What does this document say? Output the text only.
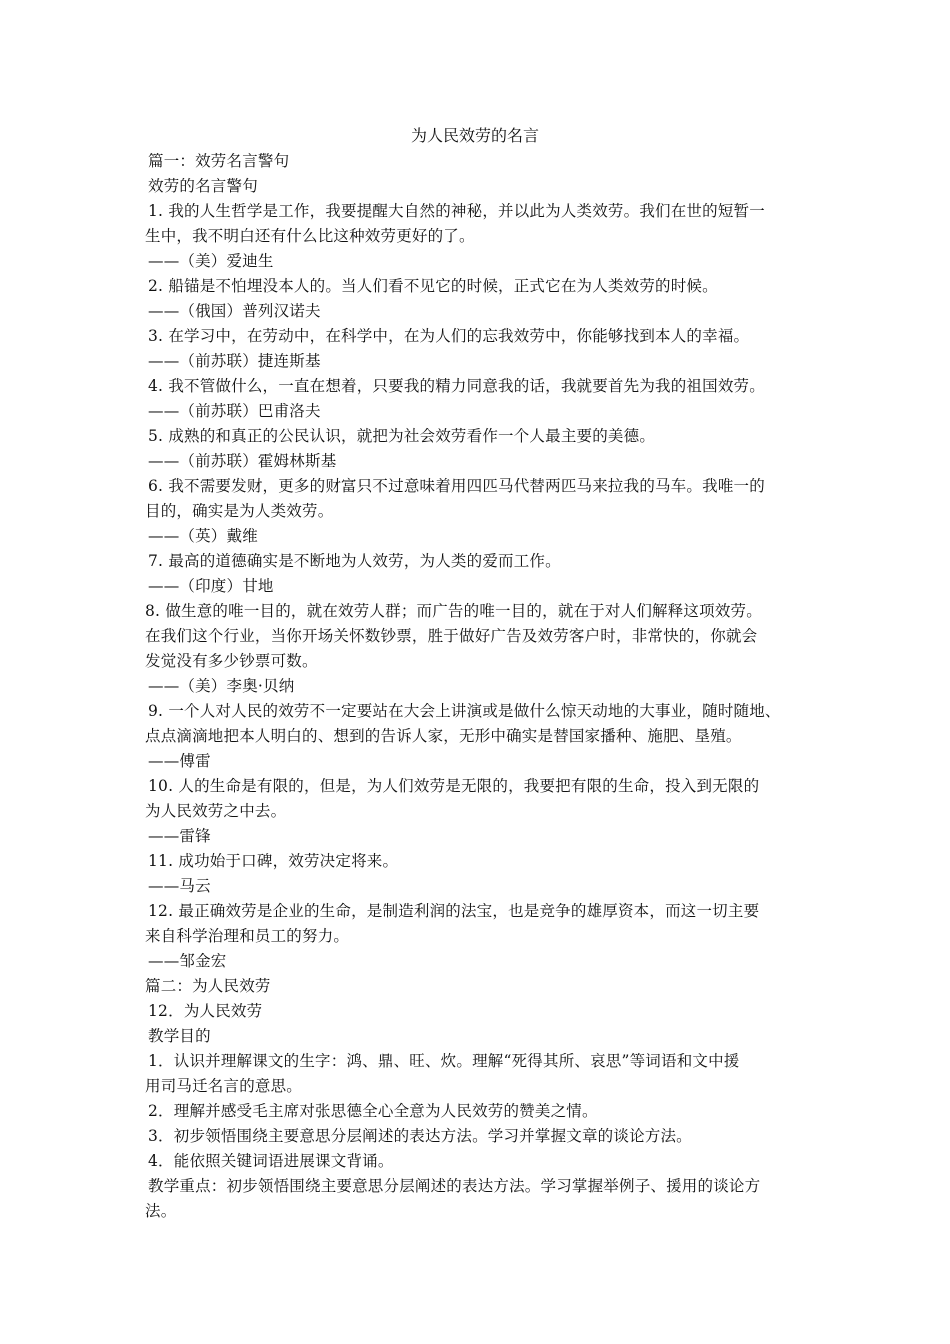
为人民效劳的名言
篇一：效劳名言警句
效劳的名言警句
1. 我的人生哲学是工作，我要提醒大自然的神秘，并以此为人类效劳。我们在世的短暂一
生中，我不明白还有什么比这种效劳更好的了。
——（美）爱迪生
2. 船锚是不怕埋没本人的。当人们看不见它的时候，正式它在为人类效劳的时候。
——（俄国）普列汉诺夫
3. 在学习中，在劳动中，在科学中，在为人们的忘我效劳中，你能够找到本人的幸福。
——（前苏联）捷连斯基
4. 我不管做什么，一直在想着，只要我的精力同意我的话，我就要首先为我的祖国效劳。
——（前苏联）巴甫洛夫
5. 成熟的和真正的公民认识，就把为社会效劳看作一个人最主要的美德。
——（前苏联）霍姆林斯基
6. 我不需要发财，更多的财富只不过意味着用四匹马代替两匹马来拉我的马车。我唯一的
目的，确实是为人类效劳。
——（英）戴维
7. 最高的道德确实是不断地为人效劳，为人类的爱而工作。
——（印度）甘地
8. 做生意的唯一目的，就在效劳人群；而广告的唯一目的，就在于对人们解释这项效劳。
在我们这个行业，当你开场关怀数钞票，胜于做好广告及效劳客户时，非常快的，你就会
发觉没有多少钞票可数。
——（美）李奥·贝纳
9. 一个人对人民的效劳不一定要站在大会上讲演或是做什么惊天动地的大事业，随时随地、
点点滴滴地把本人明白的、想到的告诉人家，无形中确实是替国家播种、施肥、垦殖。
——傅雷
10. 人的生命是有限的，但是，为人们效劳是无限的，我要把有限的生命，投入到无限的
为人民效劳之中去。
——雷锋
11. 成功始于口碑，效劳决定将来。
——马云
12. 最正确效劳是企业的生命，是制造利润的法宝，也是竞争的雄厚资本，而这一切主要
来自科学治理和员工的努力。
——邹金宏
篇二：为人民效劳
12．为人民效劳
教学目的
1．认识并理解课文的生字：鸿、鼎、旺、炊。理解“死得其所、哀思”等词语和文中援
用司马迁名言的意思。
2．理解并感受毛主席对张思德全心全意为人民效劳的赞美之情。
3．初步领悟围绕主要意思分层阐述的表达方法。学习并掌握文章的谈论方法。
4．能依照关键词语进展课文背诵。
教学重点：初步领悟围绕主要意思分层阐述的表达方法。学习掌握举例子、援用的谈论方
法。
